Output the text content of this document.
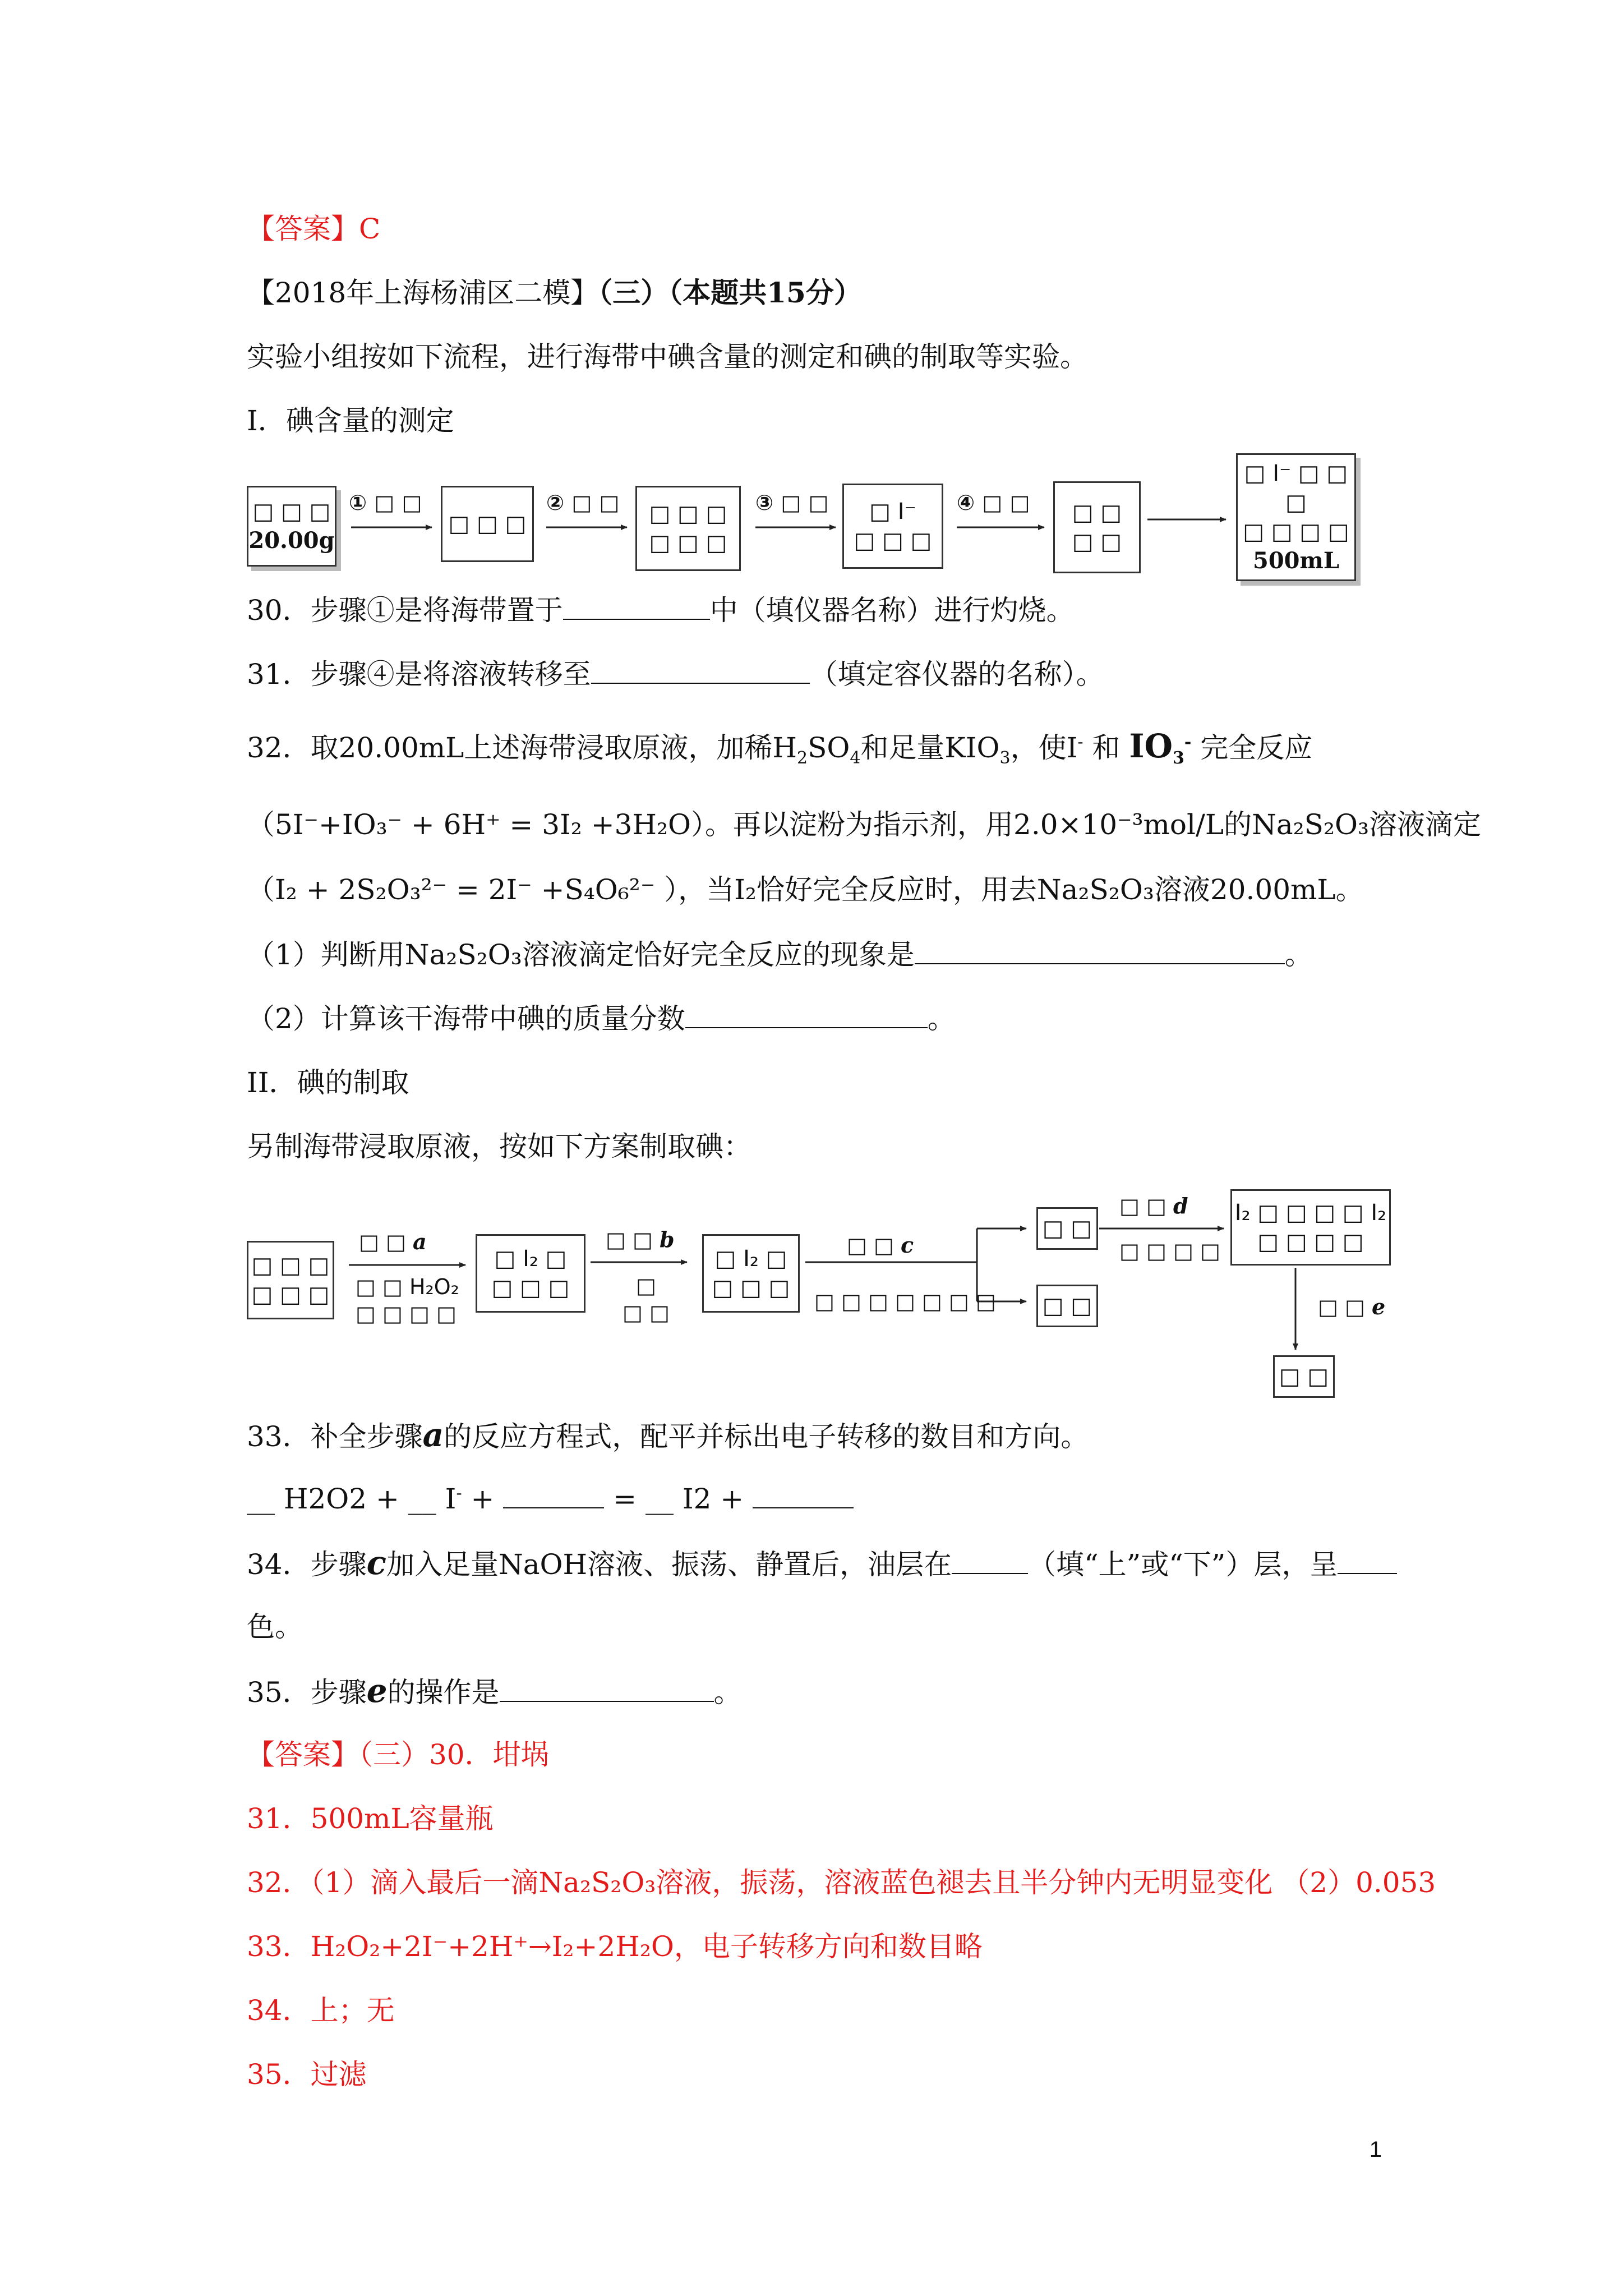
【答案】C
【2018年上海杨浦区二模】（三）（本题共15分）
实验小组按如下流程，进行海带中碘含量的测定和碘的制取等实验。
I．碘含量的测定
□ □ □
20.00g
① □ □
□ □ □
② □ □ □ □ □
□ □ □
③ □ □ □ I⁻
□ □ □
④ □ □ □ □
□ □
□ I⁻ □ □ □
□ □ □ □
500mL
30．步骤①是将海带置于	中（填仪器名称）进行灼烧。
31．步骤④是将溶液转移至	（填定容仪器的名称）。
32．取20.00mL上述海带浸取原液，加稀$H_2SO_4$和足量$KIO_3$，使I- 和 $IO_3^-$ 完全反应
（5I⁻+IO₃⁻ + 6H⁺ = 3I₂ +3H₂O）。再以淀粉为指示剂，用2.0×10⁻³mol/L的Na₂S₂O₃溶液滴定
（I₂ + 2S₂O₃²⁻ = 2I⁻ +S₄O₆²⁻ ），当I₂恰好完全反应时，用去Na₂S₂O₃溶液20.00mL。
（1）判断用Na₂S₂O₃溶液滴定恰好完全反应的现象是	。
（2）计算该干海带中碘的质量分数	。
II．碘的制取
另制海带浸取原液，按如下方案制取碘：
□ □ □
□ □ □
□ □ a
□ □ H₂O₂
□ □ □ □
□ I₂ □
□ □ □
□ □ b
□
□ □
□ I₂ □
□ □ □
□ □ c
□ □ □ □ □ □ □
□ □
□ □
□ □ d
□ □ □ □
I₂ □ □ □ □ I₂
□ □ □ □
□ □ e
□ □
33．补全步骤a的反应方程式，配平并标出电子转移的数目和方向。
__ H2O2 + __ I- +	= __ I2 +
34．步骤c加入足量NaOH溶液、振荡、静置后，油层在	（填“上”或“下”）层，呈
色。
35．步骤e的操作是	。
【答案】（三）30．坩埚
31．500mL容量瓶
32．（1）滴入最后一滴Na₂S₂O₃溶液，振荡，溶液蓝色褪去且半分钟内无明显变化 （2）0.053
33．H₂O₂+2I⁻+2H⁺→I₂+2H₂O，电子转移方向和数目略
34．上；无
35．过滤
1
